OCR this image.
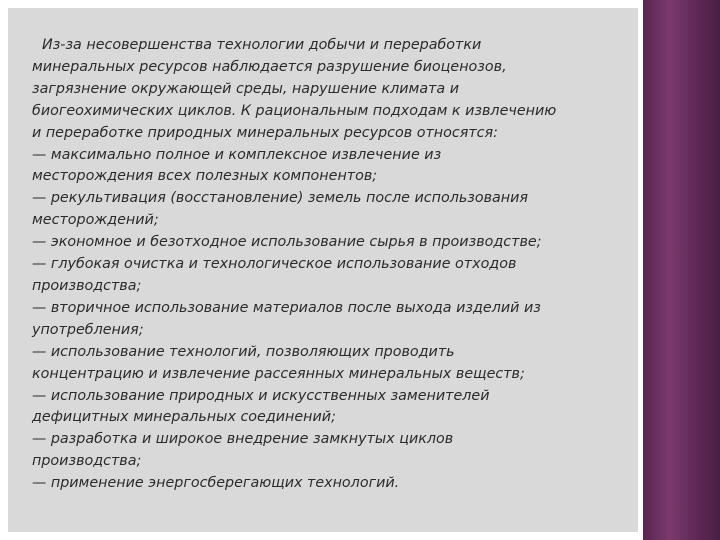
Из-за несовершенства технологии добычи и переработки
минеральных ресурсов наблюдается разрушение биоценозов,
загрязнение окружающей среды, нарушение климата и
биогеохимических циклов. К рациональным подходам к извлечению
и переработке природных минеральных ресурсов относятся:
— максимально полное и комплексное извлечение из
месторождения всех полезных компонентов;
— рекультивация (восстановление) земель после использования
месторождений;
— экономное и безотходное использование сырья в производстве;
— глубокая очистка и технологическое использование отходов
производства;
— вторичное использование материалов после выхода изделий из
употребления;
— использование технологий, позволяющих проводить
концентрацию и извлечение рассеянных минеральных веществ;
— использование природных и искусственных заменителей
дефицитных минеральных соединений;
— разработка и широкое внедрение замкнутых циклов
производства;
— применение энергосберегающих технологий.
